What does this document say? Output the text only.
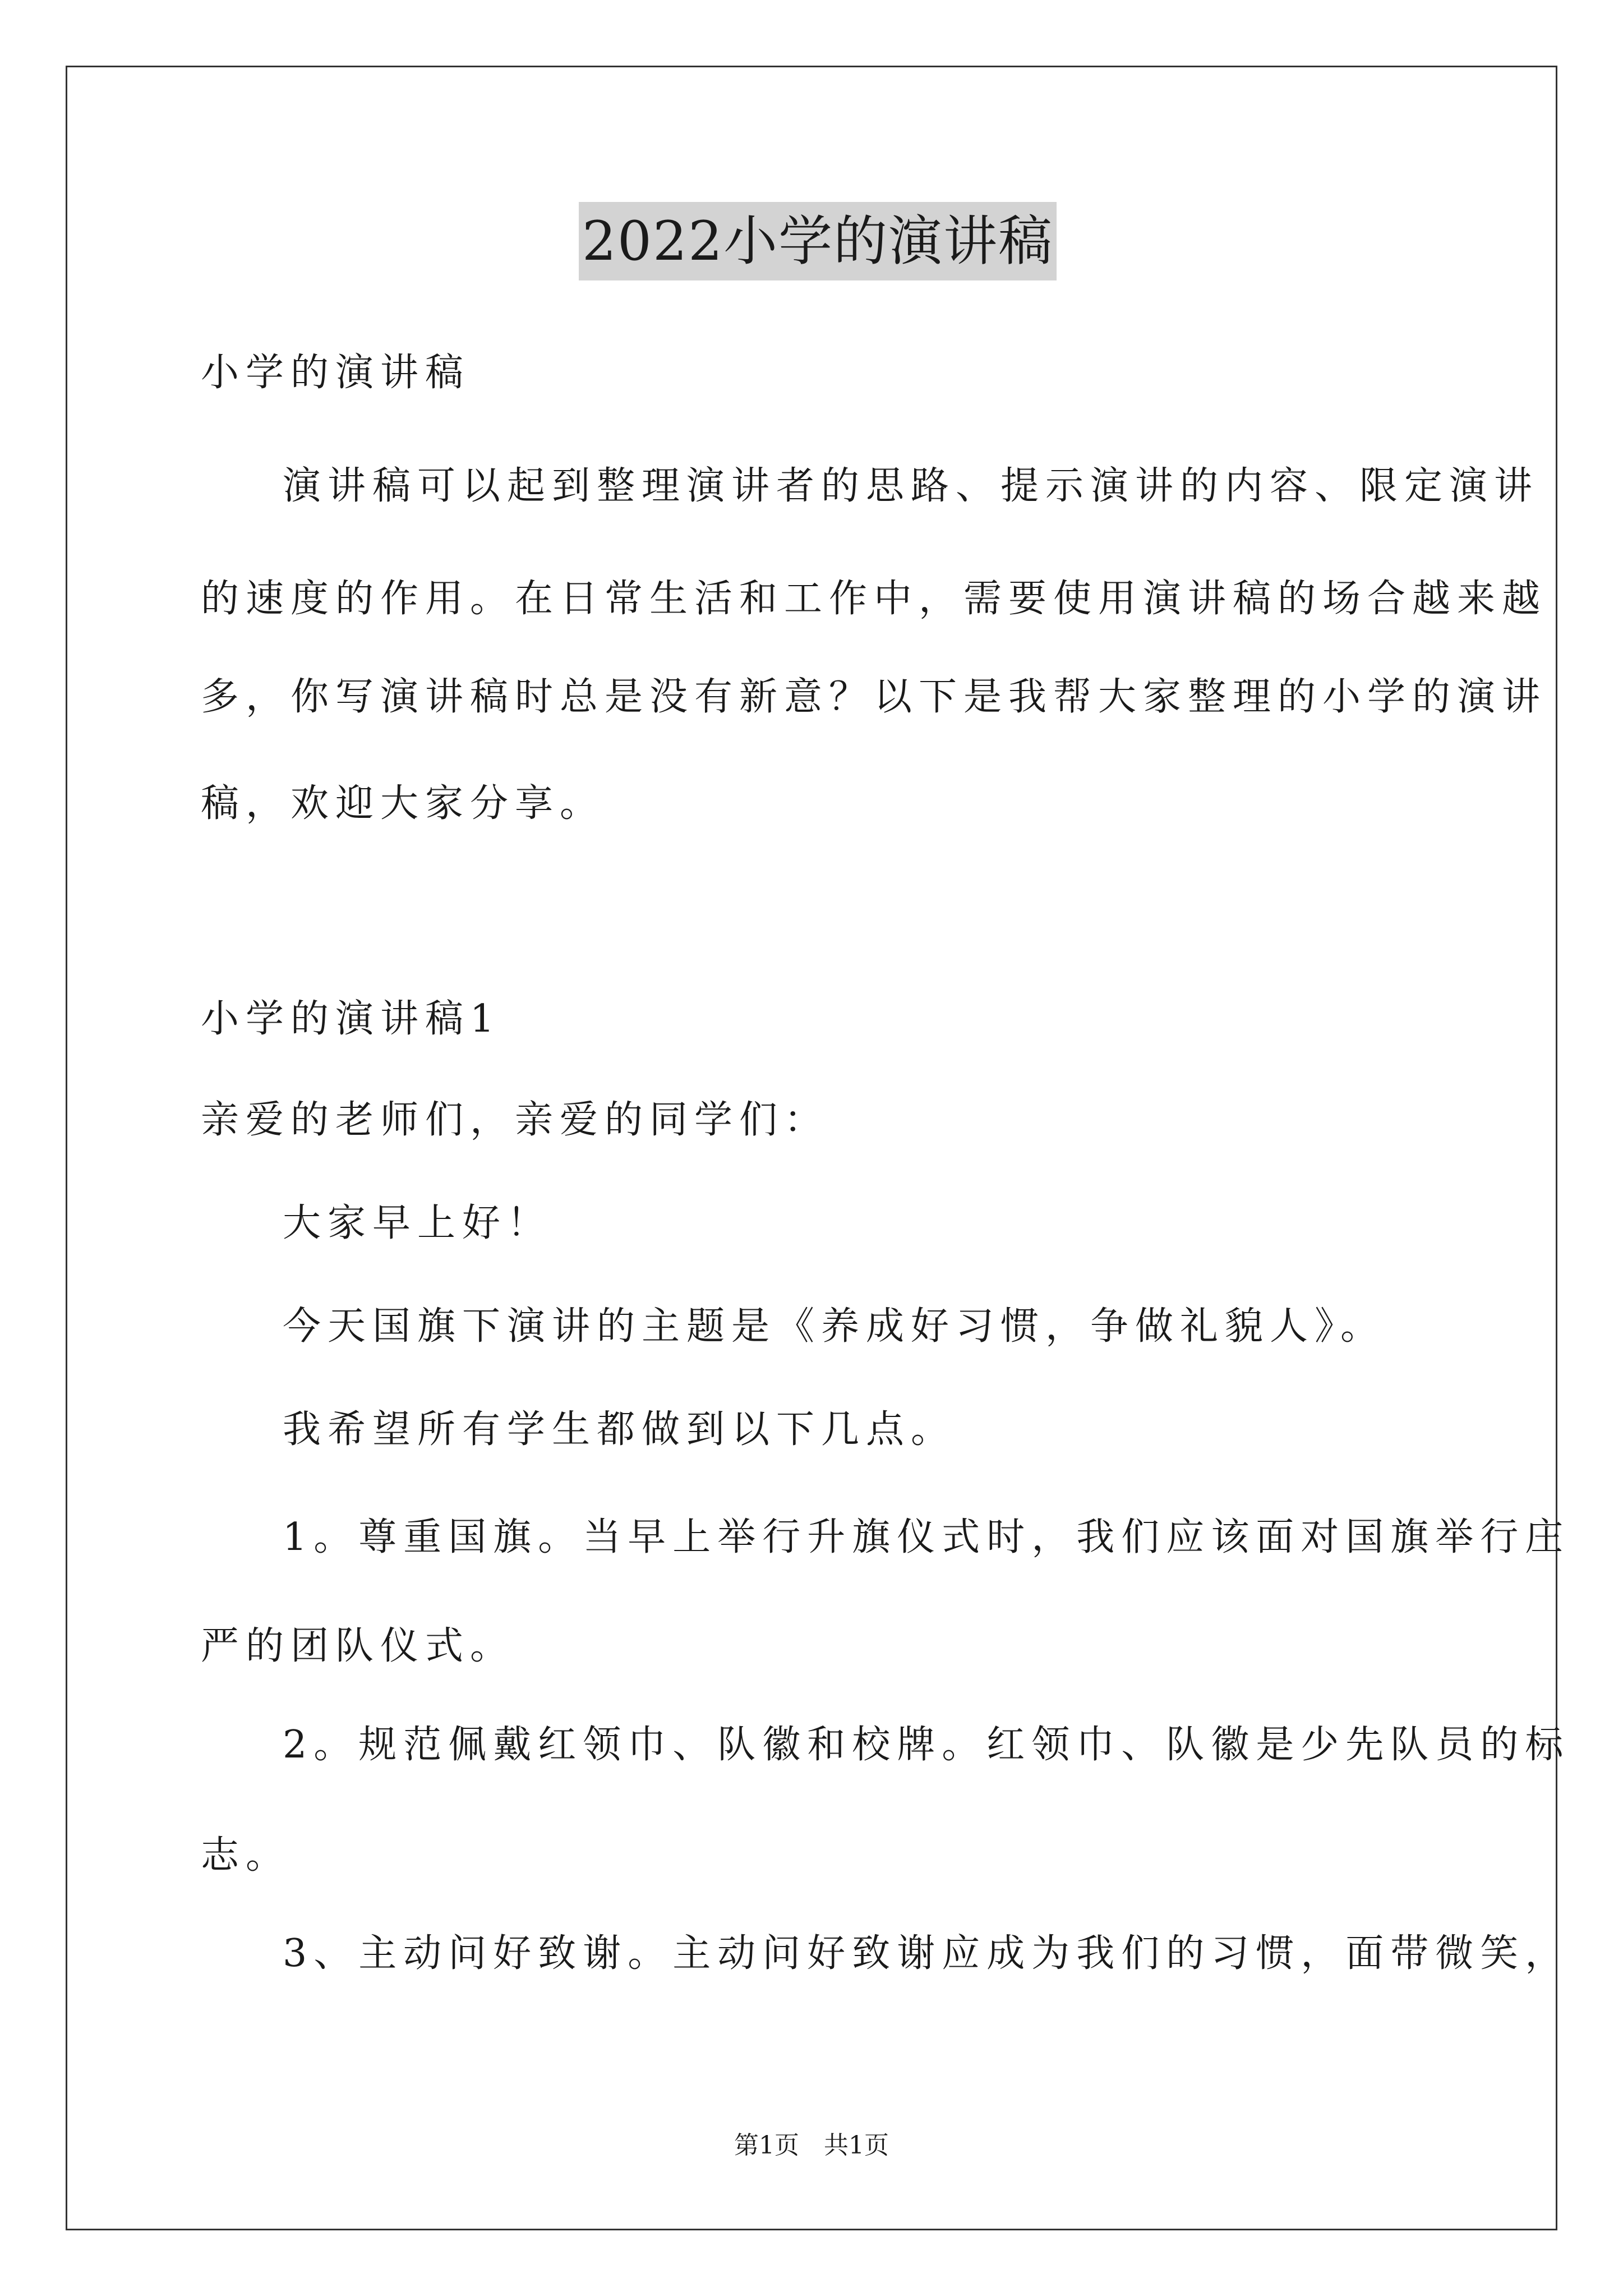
2022小学的演讲稿
小学的演讲稿
演讲稿可以起到整理演讲者的思路、提示演讲的内容、限定演讲
的速度的作用。在日常生活和工作中，需要使用演讲稿的场合越来越
多，你写演讲稿时总是没有新意？以下是我帮大家整理的小学的演讲
稿，欢迎大家分享。
小学的演讲稿1
亲爱的老师们，亲爱的同学们：
大家早上好！
今天国旗下演讲的主题是《养成好习惯，争做礼貌人》。
我希望所有学生都做到以下几点。
1。尊重国旗。当早上举行升旗仪式时，我们应该面对国旗举行庄
严的团队仪式。
2。规范佩戴红领巾、队徽和校牌。红领巾、队徽是少先队员的标
志。
3、主动问好致谢。主动问好致谢应成为我们的习惯，面带微笑，
第1页　共1页
